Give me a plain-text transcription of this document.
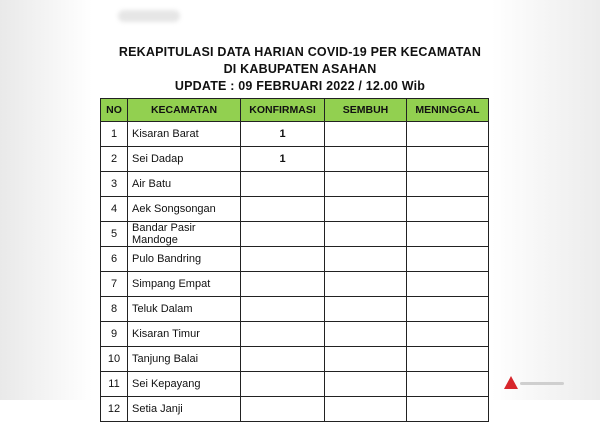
REKAPITULASI DATA HARIAN COVID-19 PER KECAMATAN
DI KABUPATEN ASAHAN
UPDATE : 09 FEBRUARI 2022 / 12.00 Wib
NO	KECAMATAN	KONFIRMASI	SEMBUH	MENINGGAL
1	Kisaran Barat	1		
2	Sei Dadap	1		
3	Air Batu			
4	Aek Songsongan			
5	Bandar Pasir Mandoge			
6	Pulo Bandring			
7	Simpang Empat			
8	Teluk Dalam			
9	Kisaran Timur			
10	Tanjung Balai			
11	Sei Kepayang			
12	Setia Janji			
